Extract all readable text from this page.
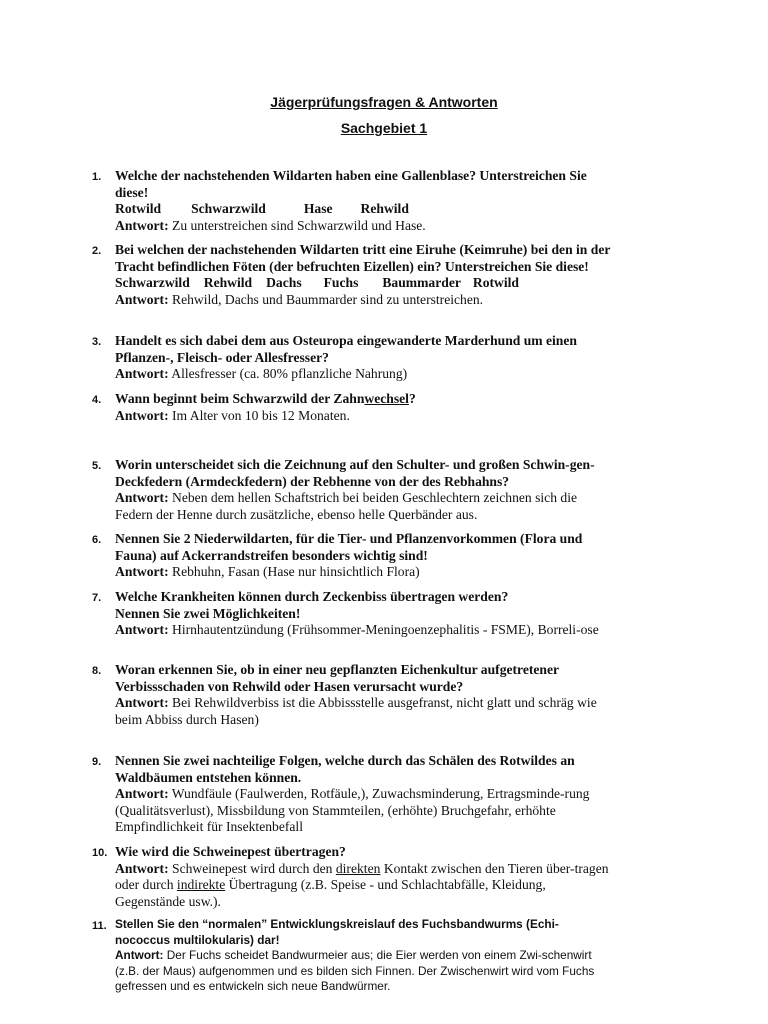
Jägerprüfungsfragen & Antworten
Sachgebiet 1
1.	Welche der nachstehenden Wildarten haben eine Gallenblase? Unterstreichen Sie diese!
Rotwild Schwarzwild	Hase Rehwild
Antwort: Zu unterstreichen sind Schwarzwild und Hase.
2.	Bei welchen der nachstehenden Wildarten tritt eine Eiruhe (Keimruhe) bei den in der Tracht befindlichen Föten (der befruchten Eizellen) ein? Unterstreichen Sie diese!
Schwarzwild Rehwild Dachs Fuchs Baummarder Rotwild
Antwort: Rehwild, Dachs und Baummarder sind zu unterstreichen.
3.	Handelt es sich dabei dem aus Osteuropa eingewanderte Marderhund um einen Pflanzen-, Fleisch- oder Allesfresser?
Antwort: Allesfresser (ca. 80% pflanzliche Nahrung)
4.	Wann beginnt beim Schwarzwild der Zahnwechsel?
Antwort: Im Alter von 10 bis 12 Monaten.
5.	Worin unterscheidet sich die Zeichnung auf den Schulter- und großen Schwin-gen-Deckfedern (Armdeckfedern) der Rebhenne von der des Rebhahns?
Antwort: Neben dem hellen Schaftstrich bei beiden Geschlechtern zeichnen sich die Federn der Henne durch zusätzliche, ebenso helle Querbänder aus.
6.	Nennen Sie 2 Niederwildarten, für die Tier- und Pflanzenvorkommen (Flora und Fauna) auf Ackerrandstreifen besonders wichtig sind!
Antwort: Rebhuhn, Fasan (Hase nur hinsichtlich Flora)
7.	Welche Krankheiten können durch Zeckenbiss übertragen werden?
Nennen Sie zwei Möglichkeiten!
Antwort: Hirnhautentzündung (Frühsommer-Meningoenzephalitis - FSME), Borreli-ose
8.	Woran erkennen Sie, ob in einer neu gepflanzten Eichenkultur aufgetretener Verbissschaden von Rehwild oder Hasen verursacht wurde?
Antwort: Bei Rehwildverbiss ist die Abbissstelle ausgefranst, nicht glatt und schräg wie beim Abbiss durch Hasen)
9.	Nennen Sie zwei nachteilige Folgen, welche durch das Schälen des Rotwildes an Waldbäumen entstehen können.
Antwort: Wundfäule (Faulwerden, Rotfäule,), Zuwachsminderung, Ertragsminde-rung (Qualitätsverlust), Missbildung von Stammteilen, (erhöhte) Bruchgefahr, erhöhte Empfindlichkeit für Insektenbefall
10. Wie wird die Schweinepest übertragen?
Antwort: Schweinepest wird durch den direkten Kontakt zwischen den Tieren über-tragen oder durch indirekte Übertragung (z.B. Speise - und Schlachtabfälle, Kleidung, Gegenstände usw.).
11. Stellen Sie den “normalen” Entwicklungskreislauf des Fuchsbandwurms (Echi-nococcus multilokularis) dar!
Antwort: Der Fuchs scheidet Bandwurmeier aus; die Eier werden von einem Zwi-schenwirt (z.B. der Maus) aufgenommen und es bilden sich Finnen. Der Zwischenwirt wird vom Fuchs gefressen und es entwickeln sich neue Bandwürmer.
